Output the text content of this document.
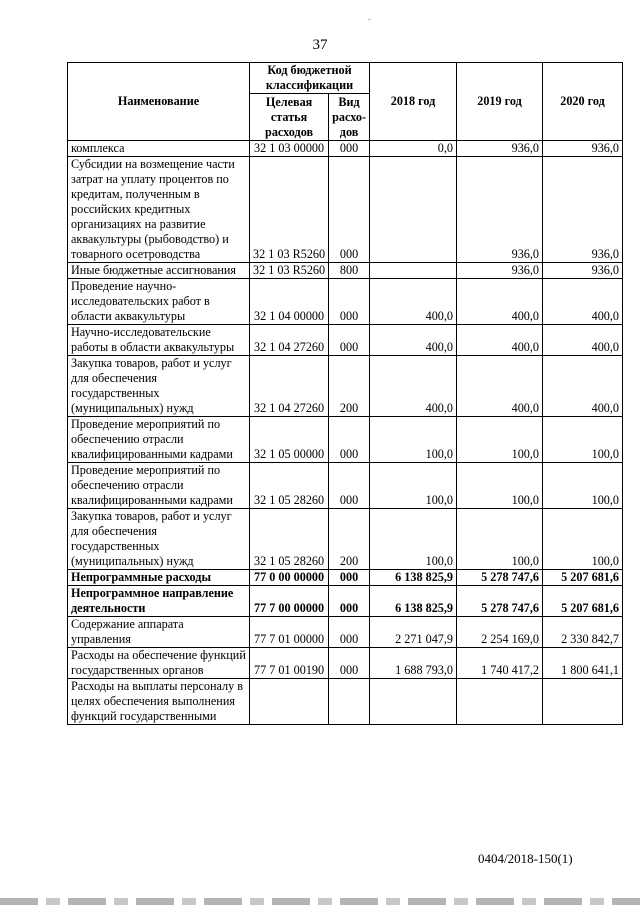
-
37
Наименование	Код бюджетной классификации		2018 год	2019 год	2020 год
	Целевая статья расходов	Вид расхо-дов			
комплекса	32 1 03 00000	000	0,0	936,0	936,0
Субсидии на возмещение части затрат на уплату процентов по кредитам, полученным в российских кредитных организациях на развитие аквакультуры (рыбоводство) и товарного осетроводства	32 1 03 R5260	000		936,0	936,0
Иные бюджетные ассигнования	32 1 03 R5260	800		936,0	936,0
Проведение научно-исследовательских работ в области аквакультуры	32 1 04 00000	000	400,0	400,0	400,0
Научно-исследовательские работы в области аквакультуры	32 1 04 27260	000	400,0	400,0	400,0
Закупка товаров, работ и услуг для обеспечения государственных (муниципальных) нужд	32 1 04 27260	200	400,0	400,0	400,0
Проведение мероприятий по обеспечению отрасли квалифицированными кадрами	32 1 05 00000	000	100,0	100,0	100,0
Проведение мероприятий по обеспечению отрасли квалифицированными кадрами	32 1 05 28260	000	100,0	100,0	100,0
Закупка товаров, работ и услуг для обеспечения государственных (муниципальных) нужд	32 1 05 28260	200	100,0	100,0	100,0
Непрограммные расходы	77 0 00 00000	000	6 138 825,9	5 278 747,6	5 207 681,6
Непрограммное направление деятельности	77 7 00 00000	000	6 138 825,9	5 278 747,6	5 207 681,6
Содержание аппарата управления	77 7 01 00000	000	2 271 047,9	2 254 169,0	2 330 842,7
Расходы на обеспечение функций государственных органов	77 7 01 00190	000	1 688 793,0	1 740 417,2	1 800 641,1
Расходы на выплаты персоналу в целях обеспечения выполнения функций государственными					
0404/2018-150(1)
